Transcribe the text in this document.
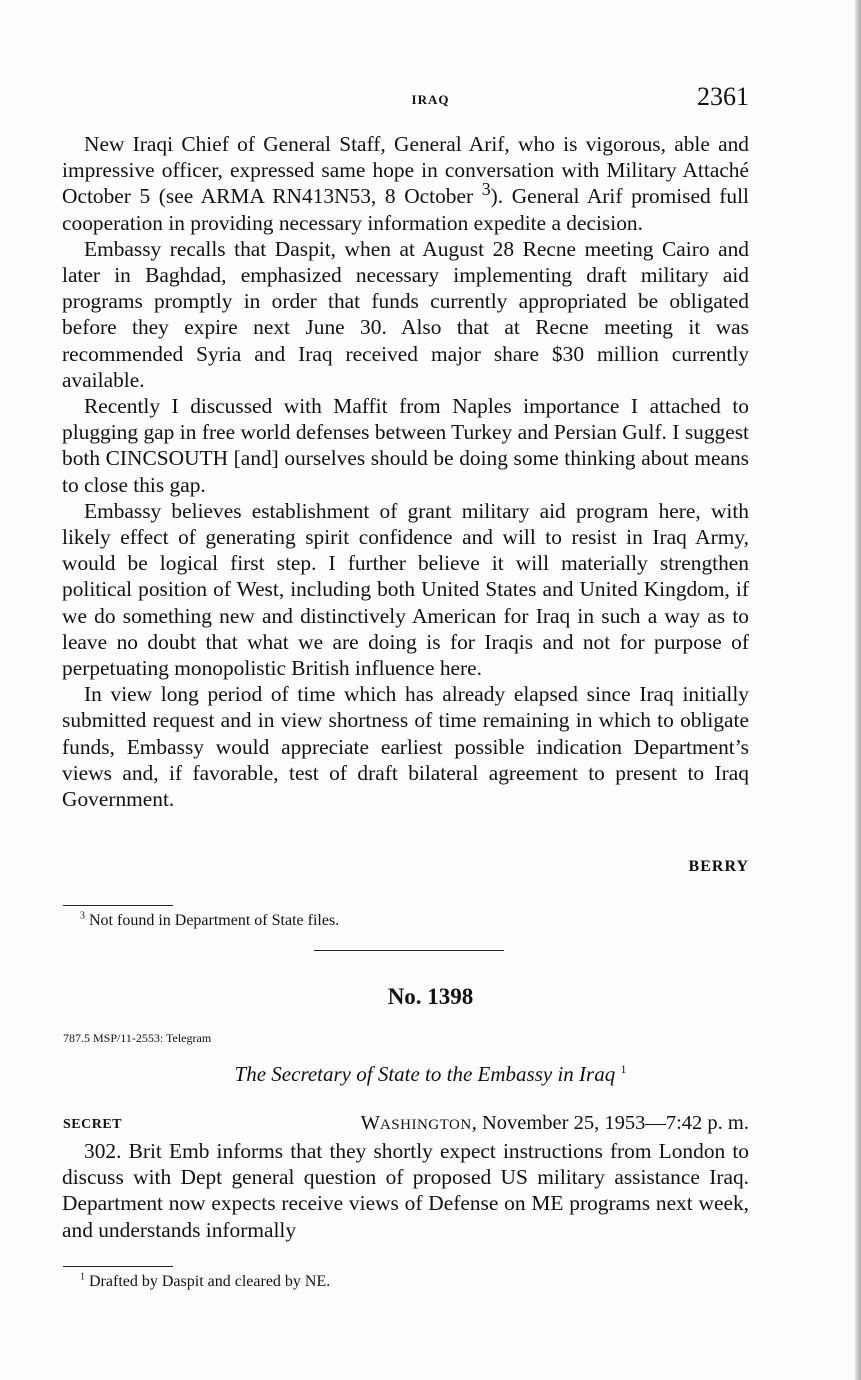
IRAQ	2361

New Iraqi Chief of General Staff, General Arif, who is vigorous, able and impressive officer, expressed same hope in conversation with Military Attaché October 5 (see ARMA RN413N53, 8 October $^3$). General Arif promised full cooperation in providing necessary information expedite a decision.

Embassy recalls that Daspit, when at August 28 Recne meeting Cairo and later in Baghdad, emphasized necessary implementing draft military aid programs promptly in order that funds currently appropriated be obligated before they expire next June 30. Also that at Recne meeting it was recommended Syria and Iraq received major share $30 million currently available.

Recently I discussed with Maffit from Naples importance I attached to plugging gap in free world defenses between Turkey and Persian Gulf. I suggest both CINCSOUTH [and] ourselves should be doing some thinking about means to close this gap.

Embassy believes establishment of grant military aid program here, with likely effect of generating spirit confidence and will to resist in Iraq Army, would be logical first step. I further believe it will materially strengthen political position of West, including both United States and United Kingdom, if we do something new and distinctively American for Iraq in such a way as to leave no doubt that what we are doing is for Iraqis and not for purpose of perpetuating monopolistic British influence here.

In view long period of time which has already elapsed since Iraq initially submitted request and in view shortness of time remaining in which to obligate funds, Embassy would appreciate earliest possible indication Department’s views and, if favorable, test of draft bilateral agreement to present to Iraq Government.

BERRY
$^3$ Not found in Department of State files.
No. 1398
787.5 MSP/11-2553: Telegram
The Secretary of State to the Embassy in Iraq $^1$
SECRET	WASHINGTON, November 25, 1953—7:42 p. m.

302. Brit Emb informs that they shortly expect instructions from London to discuss with Dept general question of proposed US military assistance Iraq. Department now expects receive views of Defense on ME programs next week, and understands informally

$^1$ Drafted by Daspit and cleared by NE.
